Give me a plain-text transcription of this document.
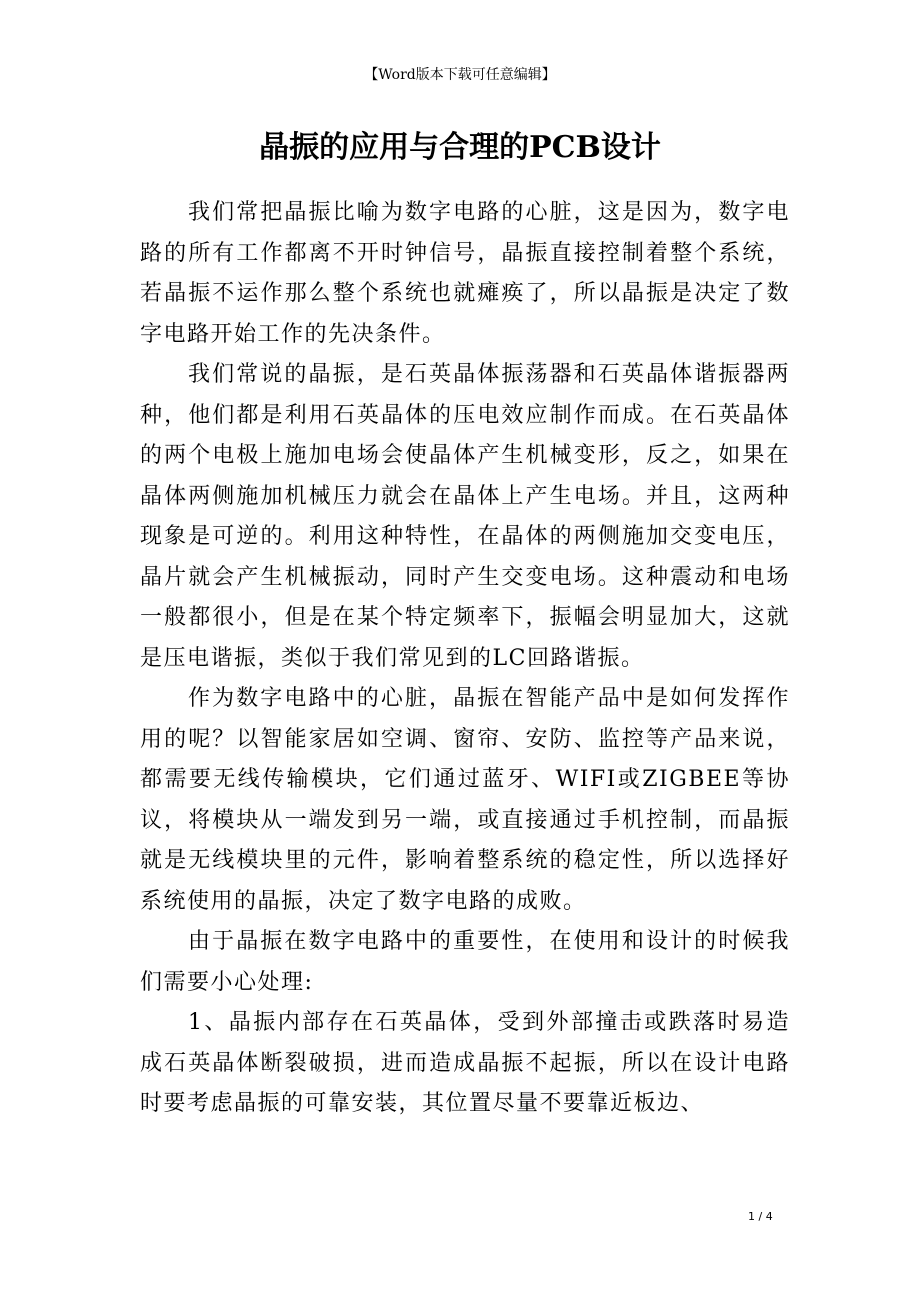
【Word版本下载可任意编辑】
晶振的应用与合理的PCB设计

我们常把晶振比喻为数字电路的心脏，这是因为，数字电路的所有工作都离不开时钟信号，晶振直接控制着整个系统，若晶振不运作那么整个系统也就瘫痪了，所以晶振是决定了数字电路开始工作的先决条件。

我们常说的晶振，是石英晶体振荡器和石英晶体谐振器两种，他们都是利用石英晶体的压电效应制作而成。在石英晶体的两个电极上施加电场会使晶体产生机械变形，反之，如果在晶体两侧施加机械压力就会在晶体上产生电场。并且，这两种现象是可逆的。利用这种特性，在晶体的两侧施加交变电压，晶片就会产生机械振动，同时产生交变电场。这种震动和电场一般都很小，但是在某个特定频率下，振幅会明显加大，这就是压电谐振，类似于我们常见到的LC回路谐振。

作为数字电路中的心脏，晶振在智能产品中是如何发挥作用的呢？以智能家居如空调、窗帘、安防、监控等产品来说，都需要无线传输模块，它们通过蓝牙、WIFI或ZIGBEE等协议，将模块从一端发到另一端，或直接通过手机控制，而晶振就是无线模块里的元件，影响着整系统的稳定性，所以选择好系统使用的晶振，决定了数字电路的成败。

由于晶振在数字电路中的重要性，在使用和设计的时候我们需要小心处理:

1、晶振内部存在石英晶体，受到外部撞击或跌落时易造成石英晶体断裂破损，进而造成晶振不起振，所以在设计电路时要考虑晶振的可靠安装，其位置尽量不要靠近板边、

1 / 4
